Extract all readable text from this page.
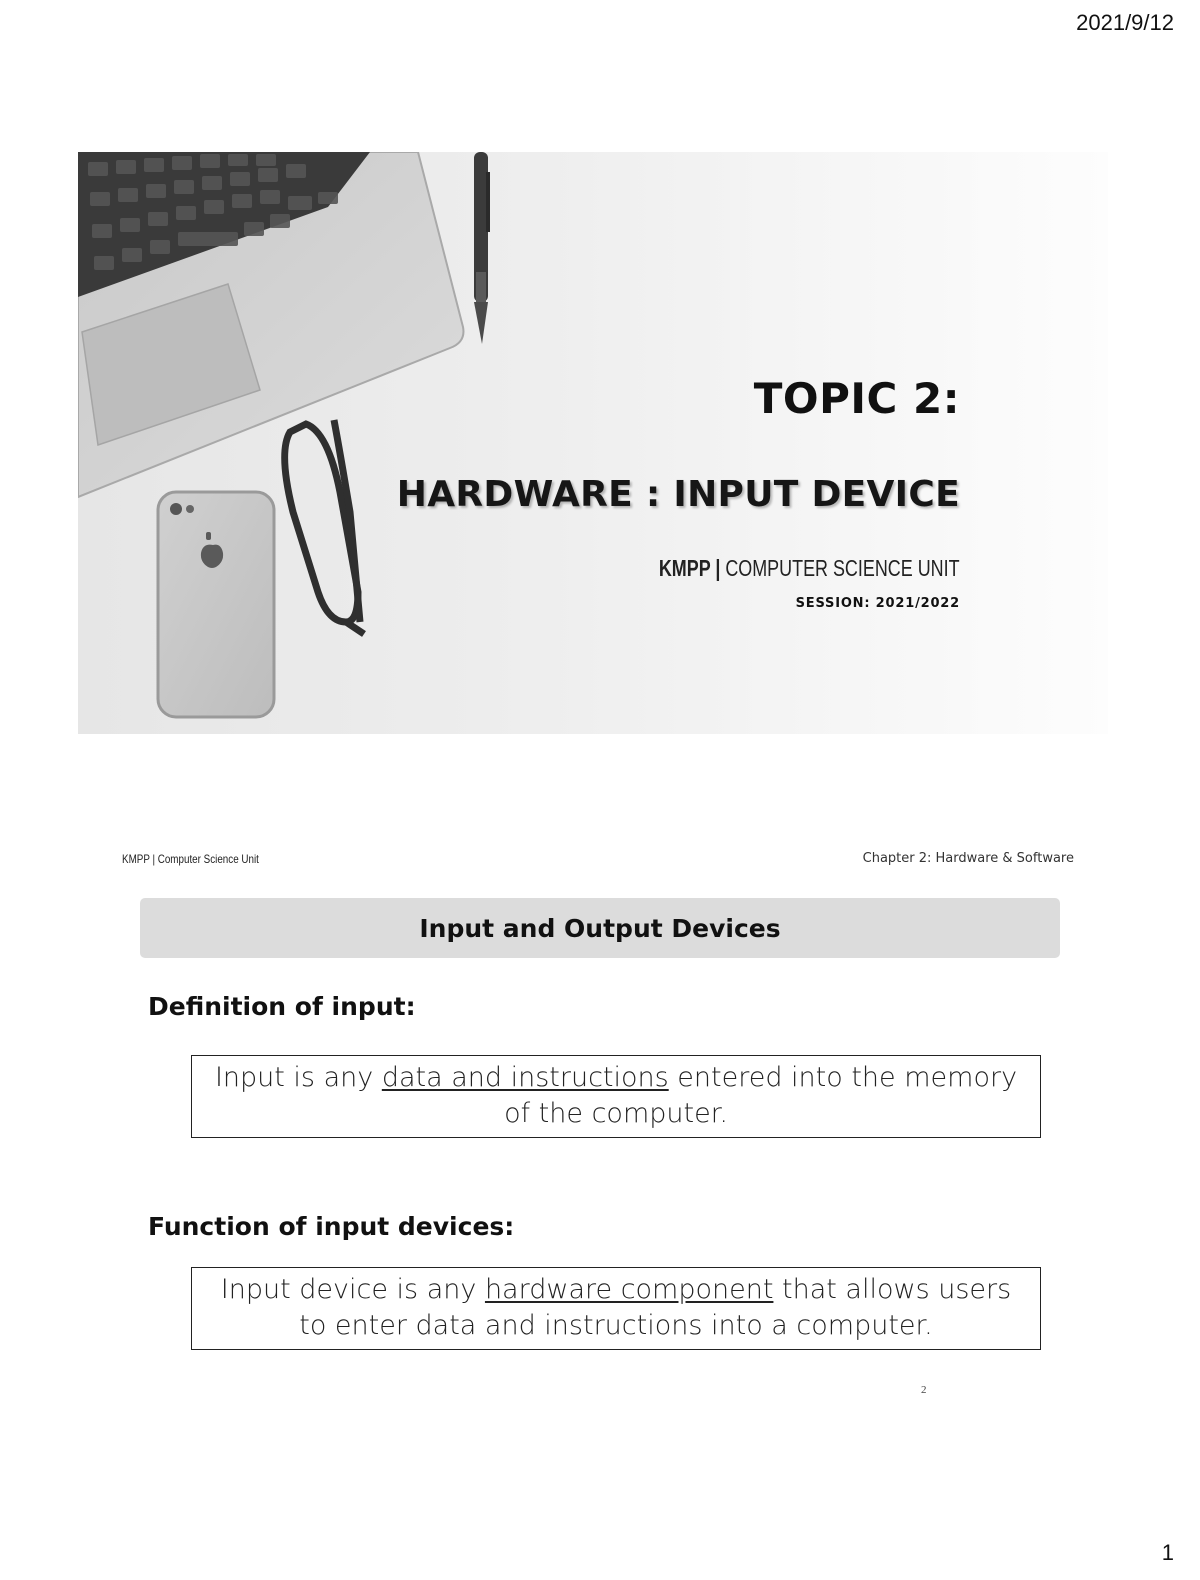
2021/9/12
TOPIC 2:
HARDWARE : INPUT DEVICE
KMPP | COMPUTER SCIENCE UNIT
SESSION: 2021/2022
KMPP | Computer Science Unit	Chapter 2: Hardware & Software
Input and Output Devices
Definition of input:
Input is any data and instructions entered into the memory of the computer.
Function of input devices:
Input device is any hardware component that allows users to enter data and instructions into a computer.
2
1
